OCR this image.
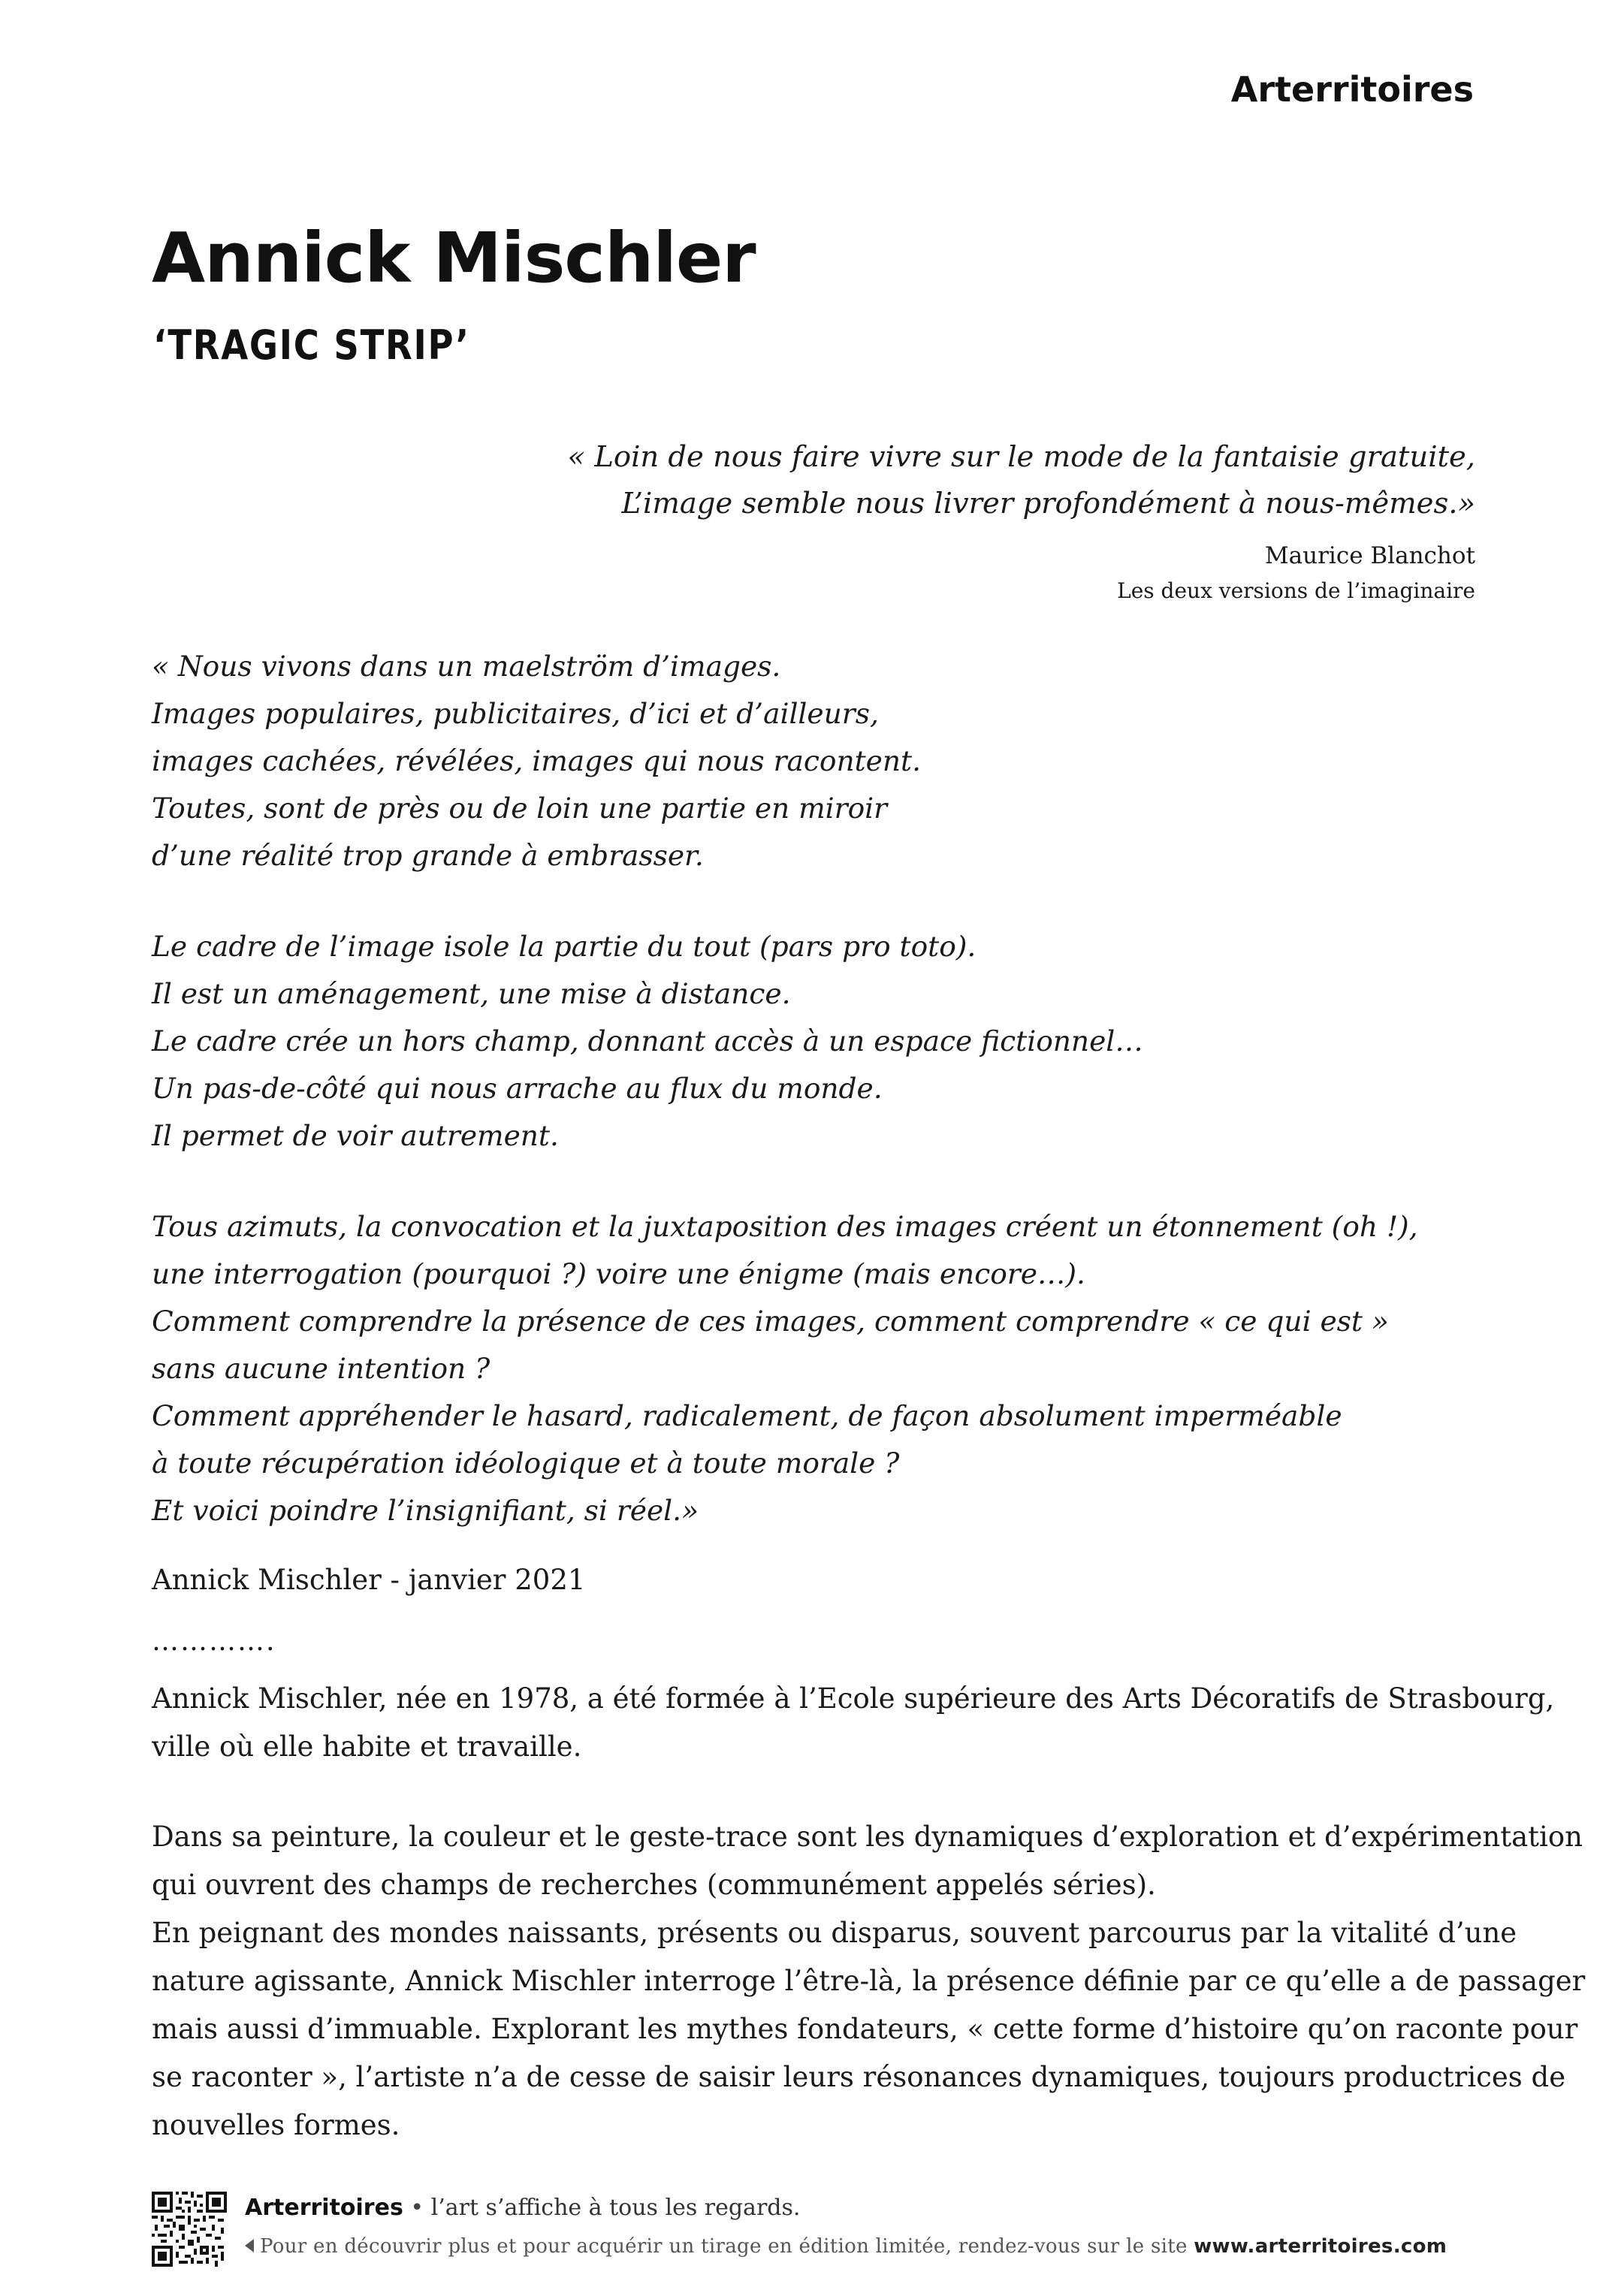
Arterritoires
Annick Mischler
‘TRAGIC STRIP’
« Loin de nous faire vivre sur le mode de la fantaisie gratuite,
L’image semble nous livrer profondément à nous-mêmes.»
Maurice Blanchot
Les deux versions de l’imaginaire
« Nous vivons dans un maelström d’images.
Images populaires, publicitaires, d’ici et d’ailleurs,
images cachées, révélées, images qui nous racontent.
Toutes, sont de près ou de loin une partie en miroir
d’une réalité trop grande à embrasser.
Le cadre de l’image isole la partie du tout (pars pro toto).
Il est un aménagement, une mise à distance.
Le cadre crée un hors champ, donnant accès à un espace fictionnel…
Un pas-de-côté qui nous arrache au flux du monde.
Il permet de voir autrement.
Tous azimuts, la convocation et la juxtaposition des images créent un étonnement (oh !),
une interrogation (pourquoi ?) voire une énigme (mais encore…).
Comment comprendre la présence de ces images, comment comprendre « ce qui est »
sans aucune intention ?
Comment appréhender le hasard, radicalement, de façon absolument imperméable
à toute récupération idéologique et à toute morale ?
Et voici poindre l’insignifiant, si réel.»
Annick Mischler - janvier 2021
………….
Annick Mischler, née en 1978, a été formée à l’Ecole supérieure des Arts Décoratifs de Strasbourg,
ville où elle habite et travaille.
Dans sa peinture, la couleur et le geste-trace sont les dynamiques d’exploration et d’expérimentation
qui ouvrent des champs de recherches (communément appelés séries).
En peignant des mondes naissants, présents ou disparus, souvent parcourus par la vitalité d’une
nature agissante, Annick Mischler interroge l’être-là, la présence définie par ce qu’elle a de passager
mais aussi d’immuable. Explorant les mythes fondateurs, « cette forme d’histoire qu’on raconte pour
se raconter », l’artiste n’a de cesse de saisir leurs résonances dynamiques, toujours productrices de
nouvelles formes.
Arterritoires • l’art s’affiche à tous les regards.
Pour en découvrir plus et pour acquérir un tirage en édition limitée, rendez-vous sur le site www.arterritoires.com
